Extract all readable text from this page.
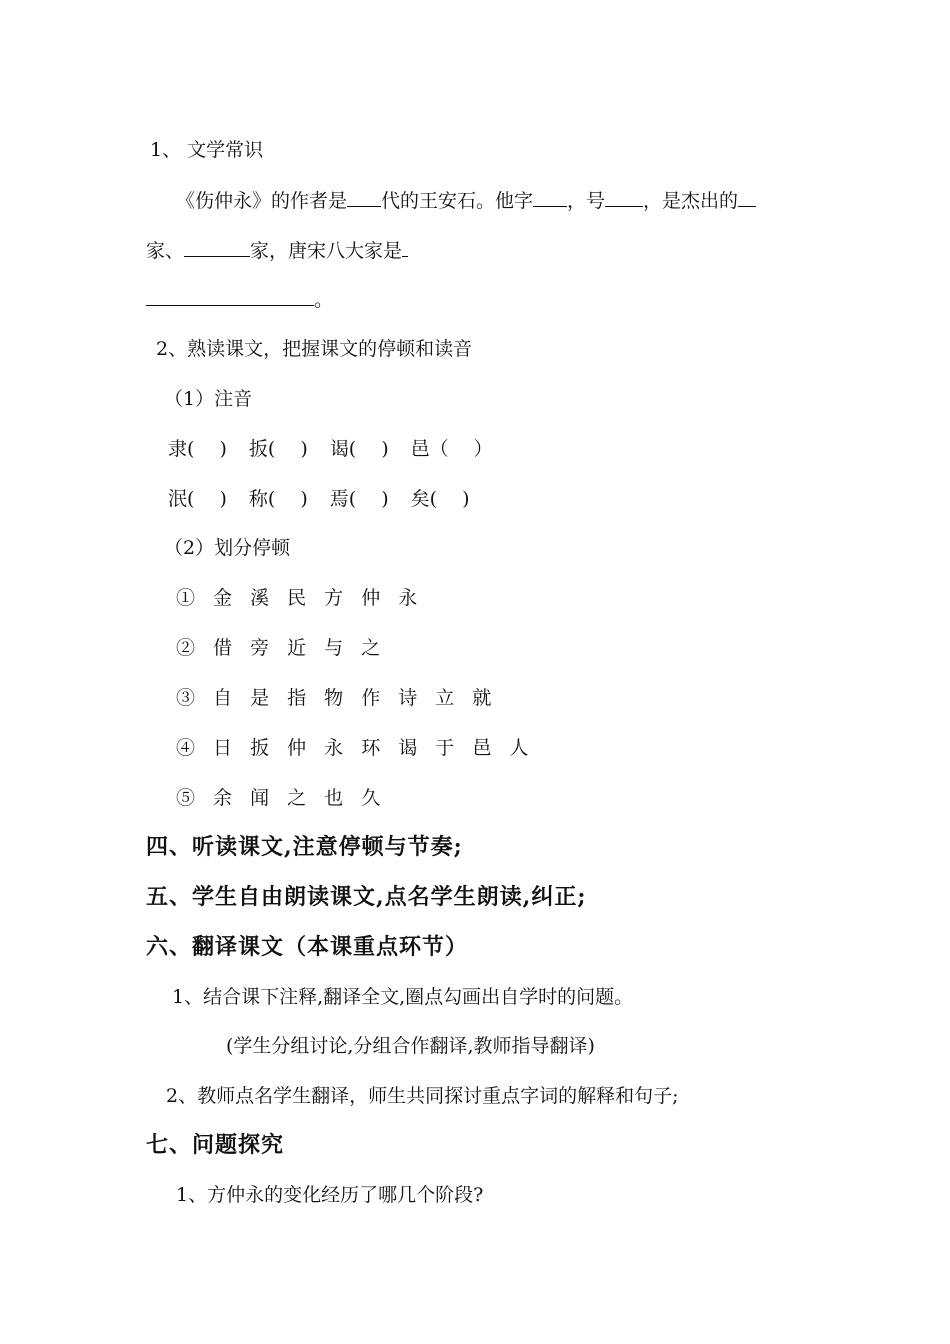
1、 文学常识
《伤仲永》的作者是 代的王安石。他字 ，号 ，是杰出的
家、	家，唐宋八大家是
。
2、熟读课文，把握课文的停顿和读音
（1）注音
隶(　 ) 扳(　 ) 谒(　 ) 邑（　 ）
泯(　 ) 称(　 ) 焉(　 ) 矣(　 )
（2）划分停顿
① 金 溪 民 方 仲 永
② 借 旁 近 与 之
③ 自 是 指 物 作 诗 立 就
④ 日 扳 仲 永 环 谒 于 邑 人
⑤ 余 闻 之 也 久
四、听读课文,注意停顿与节奏;
五、学生自由朗读课文,点名学生朗读,纠正;
六、翻译课文（本课重点环节）
1、结合课下注释,翻译全文,圈点勾画出自学时的问题。
(学生分组讨论,分组合作翻译,教师指导翻译)
2、教师点名学生翻译，师生共同探讨重点字词的解释和句子;
七、问题探究
1、方仲永的变化经历了哪几个阶段?
